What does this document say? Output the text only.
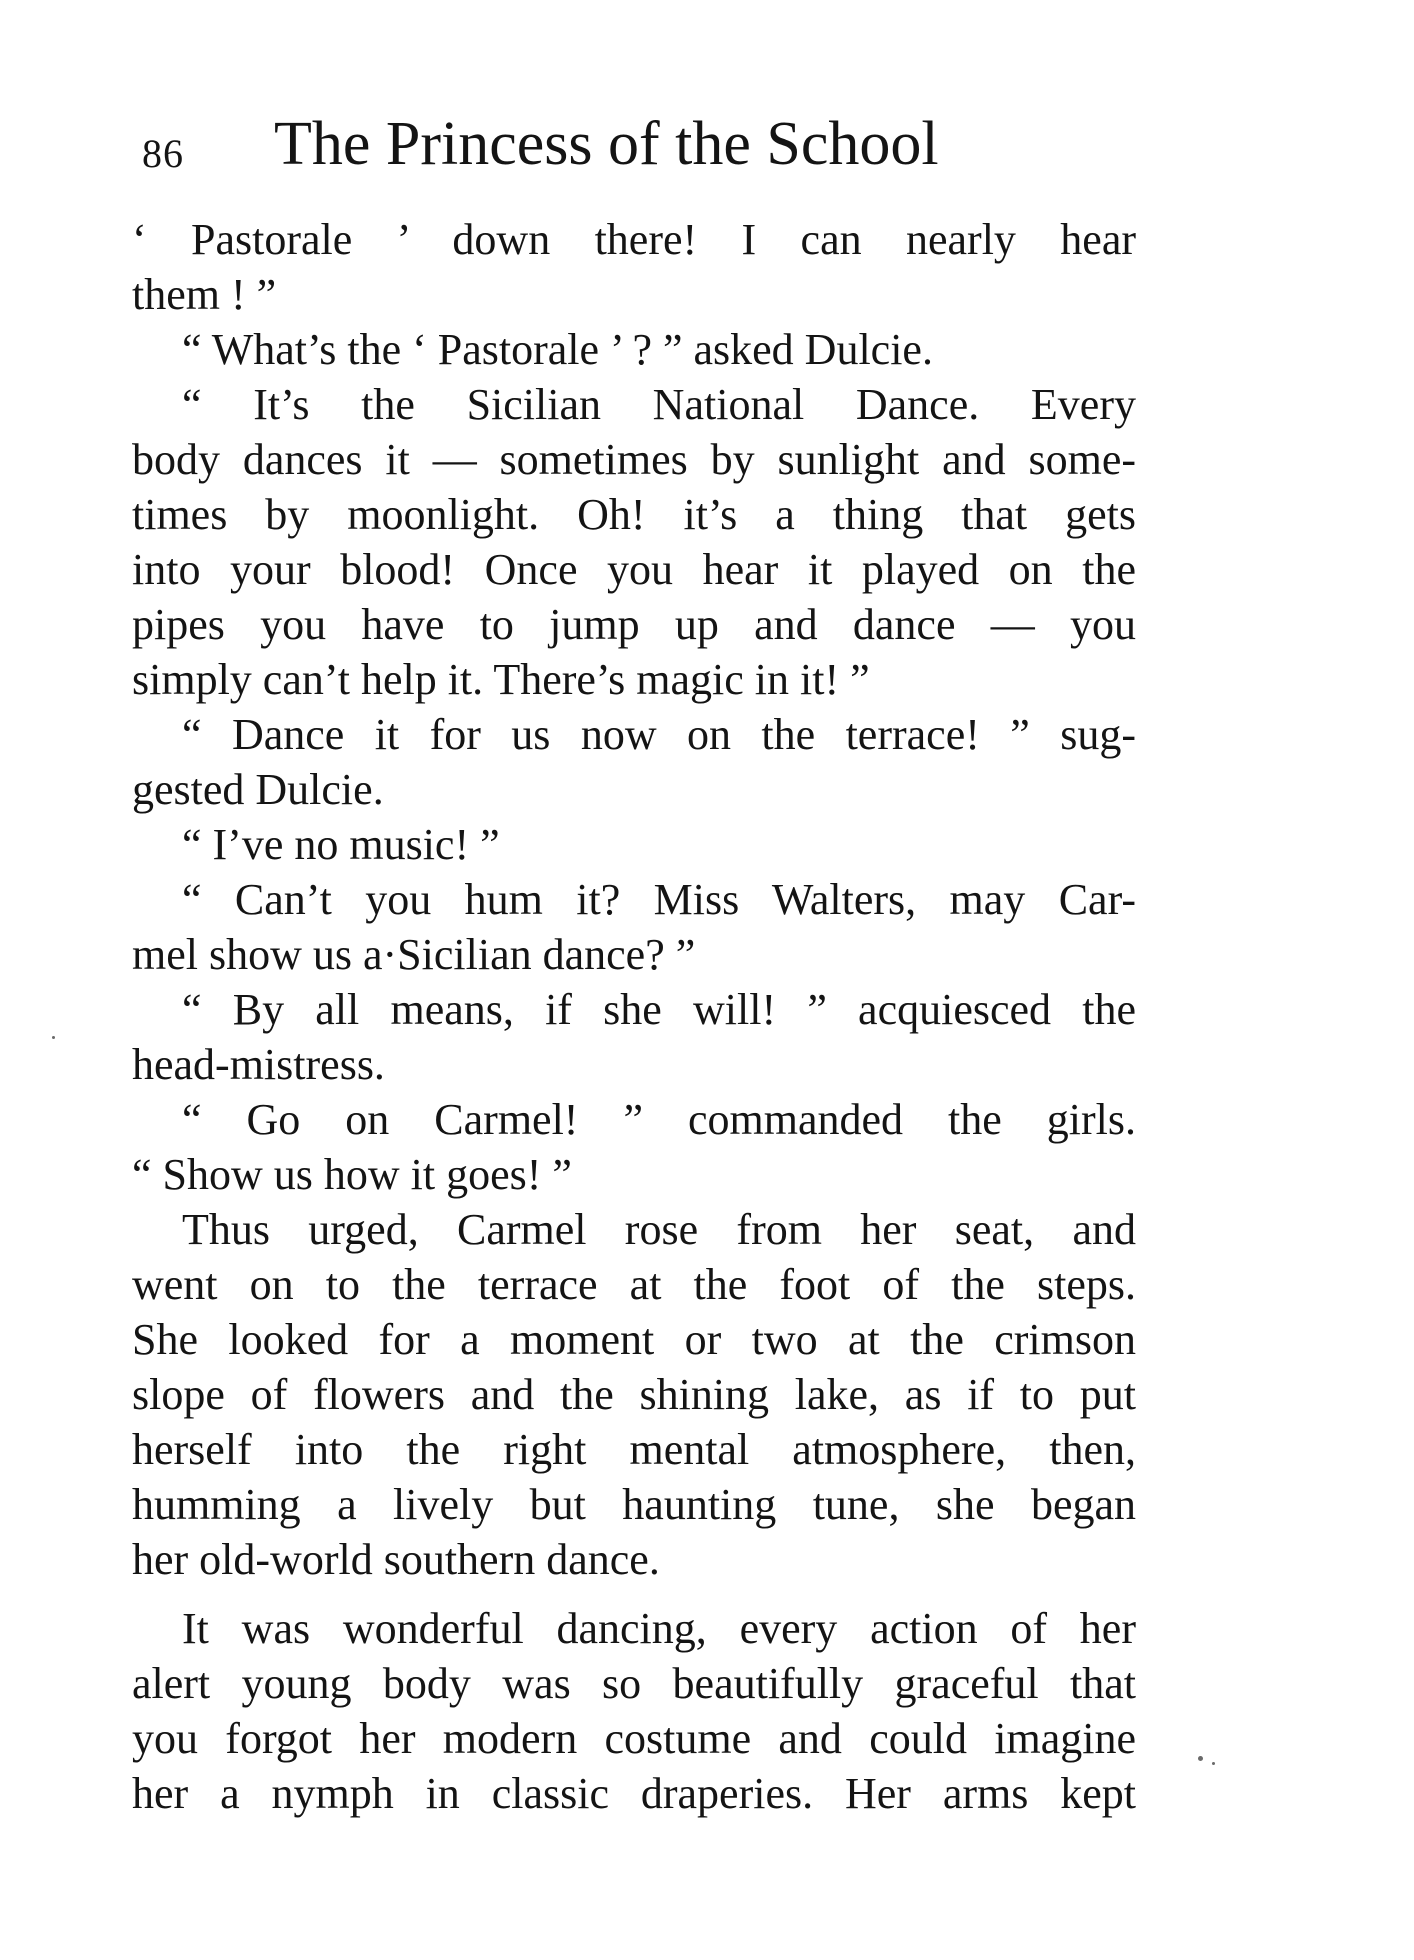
86 The Princess of the School
‘ Pastorale ’ down there! I can nearly hear
them ! ”
“ What’s the ‘ Pastorale ’ ? ” asked Dulcie.
“ It’s the Sicilian National Dance. Every
body dances it — sometimes by sunlight and some-
times by moonlight. Oh! it’s a thing that gets
into your blood! Once you hear it played on the
pipes you have to jump up and dance — you
simply can’t help it. There’s magic in it! ”
“ Dance it for us now on the terrace! ” sug-
gested Dulcie.
“ I’ve no music! ”
“ Can’t you hum it? Miss Walters, may Car-
mel show us a·Sicilian dance? ”
“ By all means, if she will! ” acquiesced the
head-mistress.
“ Go on Carmel! ” commanded the girls.
“ Show us how it goes! ”
Thus urged, Carmel rose from her seat, and
went on to the terrace at the foot of the steps.
She looked for a moment or two at the crimson
slope of flowers and the shining lake, as if to put
herself into the right mental atmosphere, then,
humming a lively but haunting tune, she began
her old-world southern dance.
It was wonderful dancing, every action of her
alert young body was so beautifully graceful that
you forgot her modern costume and could imagine
her a nymph in classic draperies. Her arms kept
